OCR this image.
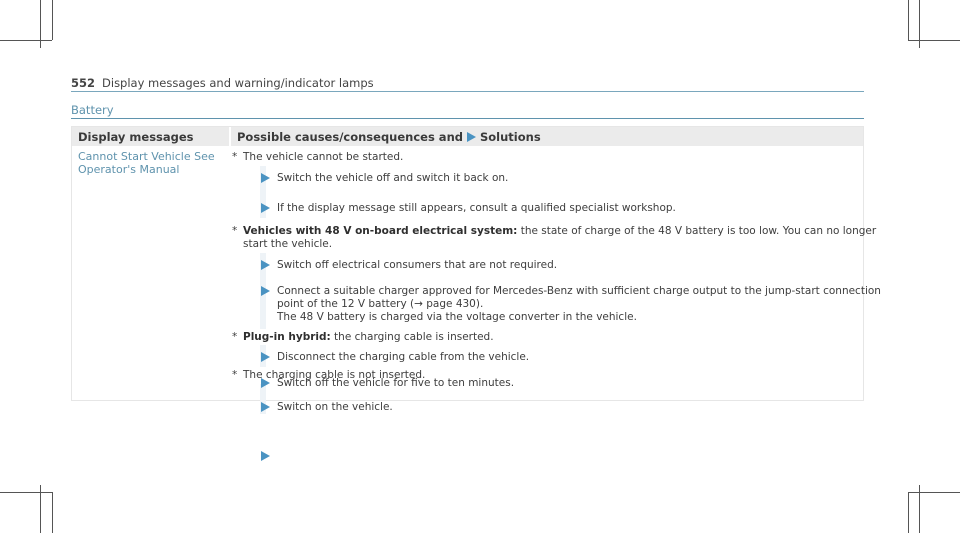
552 Display messages and warning/indicator lamps
Battery
Display messages	Possible causes/consequences and Solutions
Cannot Start Vehicle See
Operator's Manual
* The vehicle cannot be started.
Switch the vehicle off and switch it back on.
If the display message still appears, consult a qualified specialist workshop.
* Vehicles with 48 V on-board electrical system: the state of charge of the 48 V battery is too low. You can no longer
start the vehicle.
Switch off electrical consumers that are not required.
Connect a suitable charger approved for Mercedes-Benz with sufficient charge output to the jump-start connection
point of the 12 V battery (→ page 430).
The 48 V battery is charged via the voltage converter in the vehicle.
* Plug-in hybrid: the charging cable is inserted.
Disconnect the charging cable from the vehicle.
* The charging cable is not inserted.
Switch off the vehicle for five to ten minutes.
Switch on the vehicle.
